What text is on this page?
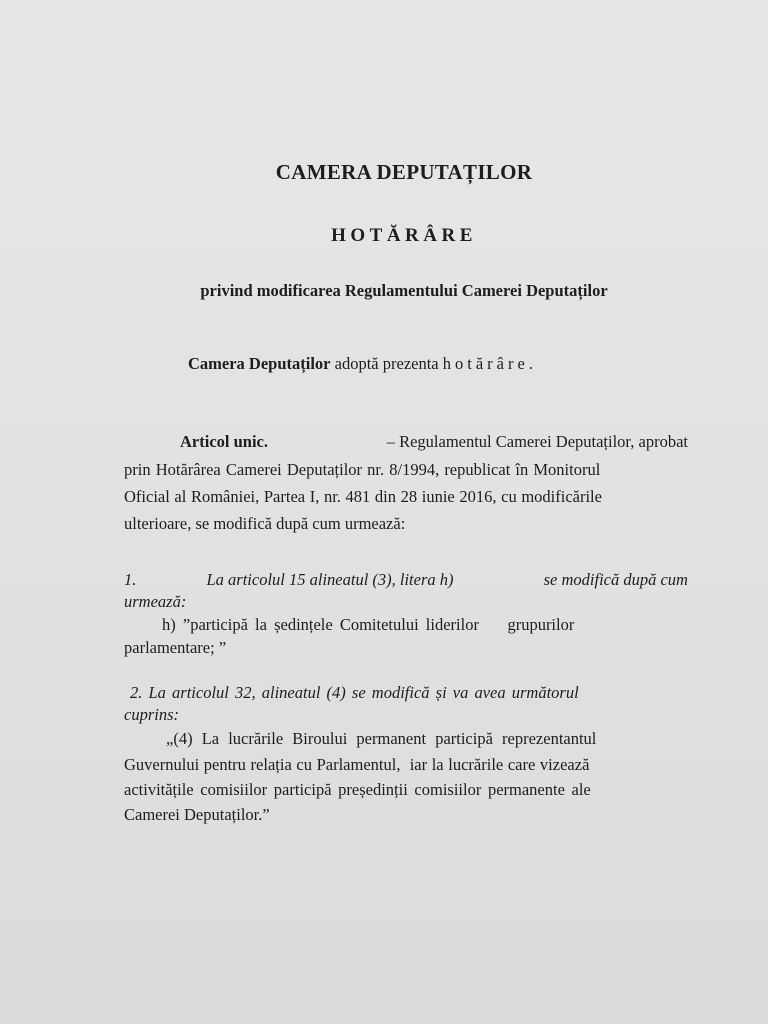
CAMERA DEPUTAȚILOR
HOTĂRÂRE
privind modificarea Regulamentului Camerei Deputaților
Camera Deputaților adoptă prezenta hotărâre.
Articol unic.	– Regulamentul Camerei Deputaților, aprobat
prin Hotărârea Camerei Deputaților nr. 8/1994, republicat în Monitorul
Oficial al României, Partea I, nr. 481 din 28 iunie 2016, cu modificările
ulterioare, se modifică după cum urmează:
1.	La articolul 15 alineatul (3), litera h)	se modifică după cum
urmează:
h) ”participă la ședințele Comitetului liderilor    grupurilor
parlamentare; ”
2. La articolul 32, alineatul (4) se modifică și va avea următorul
cuprins:
„(4) La lucrările Biroului permanent participă reprezentantul
Guvernului pentru relația cu Parlamentul,  iar la lucrările care vizează
activitățile comisiilor participă președinții comisiilor permanente ale
Camerei Deputaților.”
